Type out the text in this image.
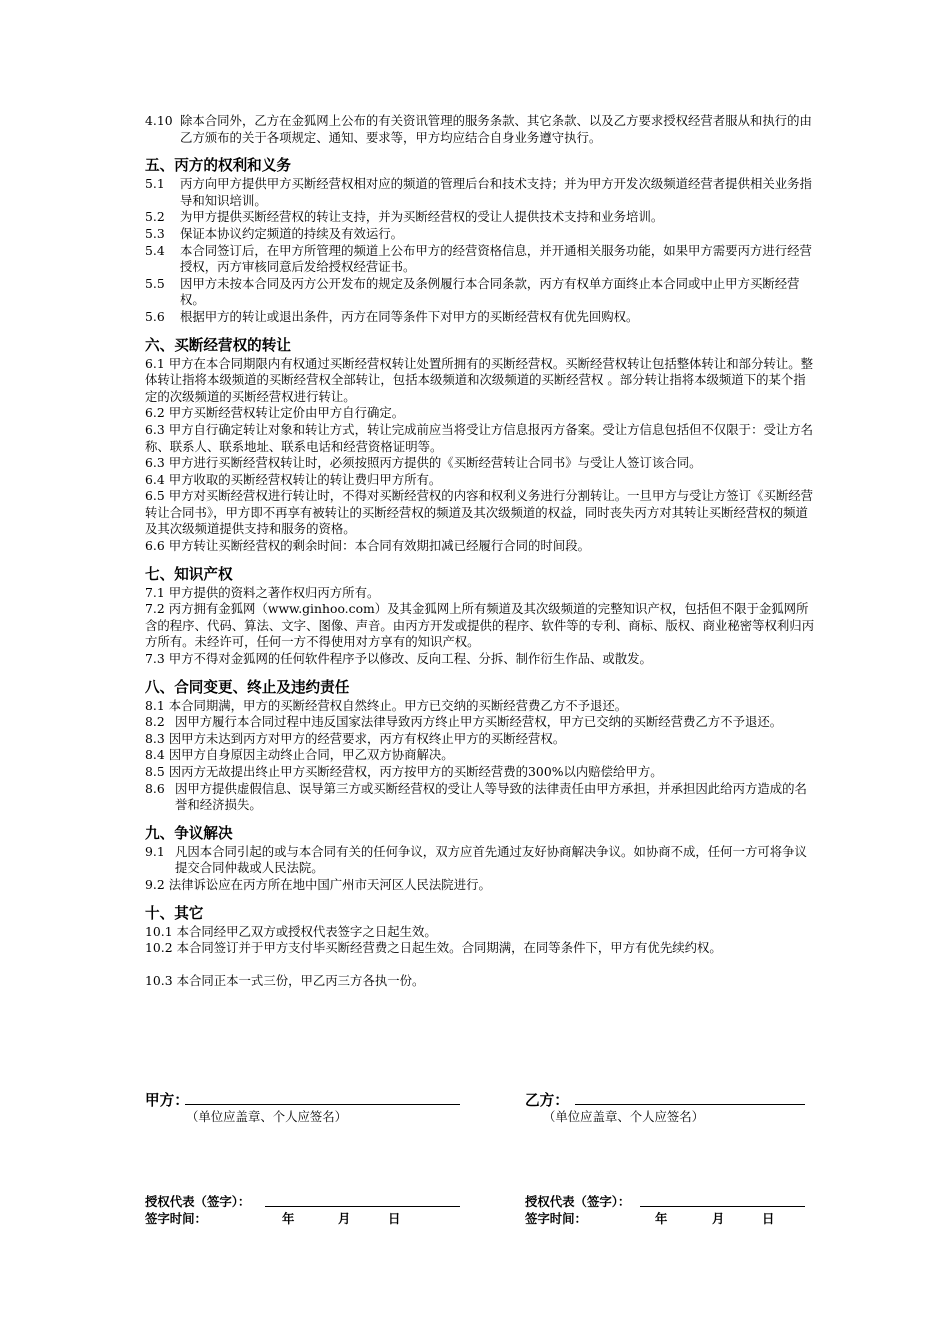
4.10 除本合同外，乙方在金狐网上公布的有关资讯管理的服务条款、其它条款、以及乙方要求授权经营者服从和执行的由乙方颁布的关于各项规定、通知、要求等，甲方均应结合自身业务遵守执行。

五、丙方的权利和义务

5.1 丙方向甲方提供甲方买断经营权相对应的频道的管理后台和技术支持；并为甲方开发次级频道经营者提供相关业务指导和知识培训。

5.2 为甲方提供买断经营权的转让支持，并为买断经营权的受让人提供技术支持和业务培训。

5.3 保证本协议约定频道的持续及有效运行。

5.4 本合同签订后，在甲方所管理的频道上公布甲方的经营资格信息，并开通相关服务功能，如果甲方需要丙方进行经营授权，丙方审核同意后发给授权经营证书。

5.5 因甲方未按本合同及丙方公开发布的规定及条例履行本合同条款，丙方有权单方面终止本合同或中止甲方买断经营权。

5.6 根据甲方的转让或退出条件，丙方在同等条件下对甲方的买断经营权有优先回购权。

六、买断经营权的转让

6.1 甲方在本合同期限内有权通过买断经营权转让处置所拥有的买断经营权。买断经营权转让包括整体转让和部分转让。整体转让指将本级频道的买断经营权全部转让，包括本级频道和次级频道的买断经营权 。部分转让指将本级频道下的某个指定的次级频道的买断经营权进行转让。

6.2 甲方买断经营权转让定价由甲方自行确定。

6.3 甲方自行确定转让对象和转让方式，转让完成前应当将受让方信息报丙方备案。受让方信息包括但不仅限于：受让方名称、联系人、联系地址、联系电话和经营资格证明等。

6.3 甲方进行买断经营权转让时，必须按照丙方提供的《买断经营转让合同书》与受让人签订该合同。

6.4 甲方收取的买断经营权转让的转让费归甲方所有。

6.5 甲方对买断经营权进行转让时，不得对买断经营权的内容和权利义务进行分割转让。一旦甲方与受让方签订《买断经营转让合同书》，甲方即不再享有被转让的买断经营权的频道及其次级频道的权益，同时丧失丙方对其转让买断经营权的频道及其次级频道提供支持和服务的资格。

6.6 甲方转让买断经营权的剩余时间：本合同有效期扣减已经履行合同的时间段。

七、知识产权

7.1 甲方提供的资料之著作权归丙方所有。

7.2 丙方拥有金狐网（www.ginhoo.com）及其金狐网上所有频道及其次级频道的完整知识产权，包括但不限于金狐网所含的程序、代码、算法、文字、图像、声音。由丙方开发或提供的程序、软件等的专利、商标、版权、商业秘密等权利归丙方所有。未经许可，任何一方不得使用对方享有的知识产权。

7.3 甲方不得对金狐网的任何软件程序予以修改、反向工程、分拆、制作衍生作品、或散发。

八、合同变更、终止及违约责任

8.1 本合同期满，甲方的买断经营权自然终止。甲方已交纳的买断经营费乙方不予退还。

8.2 因甲方履行本合同过程中违反国家法律导致丙方终止甲方买断经营权，甲方已交纳的买断经营费乙方不予退还。

8.3 因甲方未达到丙方对甲方的经营要求，丙方有权终止甲方的买断经营权。

8.4 因甲方自身原因主动终止合同，甲乙双方协商解决。

8.5 因丙方无故提出终止甲方买断经营权，丙方按甲方的买断经营费的300%以内赔偿给甲方。

8.6 因甲方提供虚假信息、误导第三方或买断经营权的受让人等导致的法律责任由甲方承担，并承担因此给丙方造成的名誉和经济损失。

九、争议解决

9.1 凡因本合同引起的或与本合同有关的任何争议，双方应首先通过友好协商解决争议。如协商不成，任何一方可将争议提交合同仲裁或人民法院。

9.2 法律诉讼应在丙方所在地中国广州市天河区人民法院进行。

十、其它

10.1 本合同经甲乙双方或授权代表签字之日起生效。

10.2 本合同签订并于甲方支付毕买断经营费之日起生效。合同期满，在同等条件下，甲方有优先续约权。

10.3 本合同正本一式三份，甲乙丙三方各执一份。

甲方：
（单位应盖章、个人应签名）
乙方：
（单位应盖章、个人应签名）
授权代表（签字）：
签字时间：	年	月	日
授权代表（签字）：
签字时间：	年	月	日
